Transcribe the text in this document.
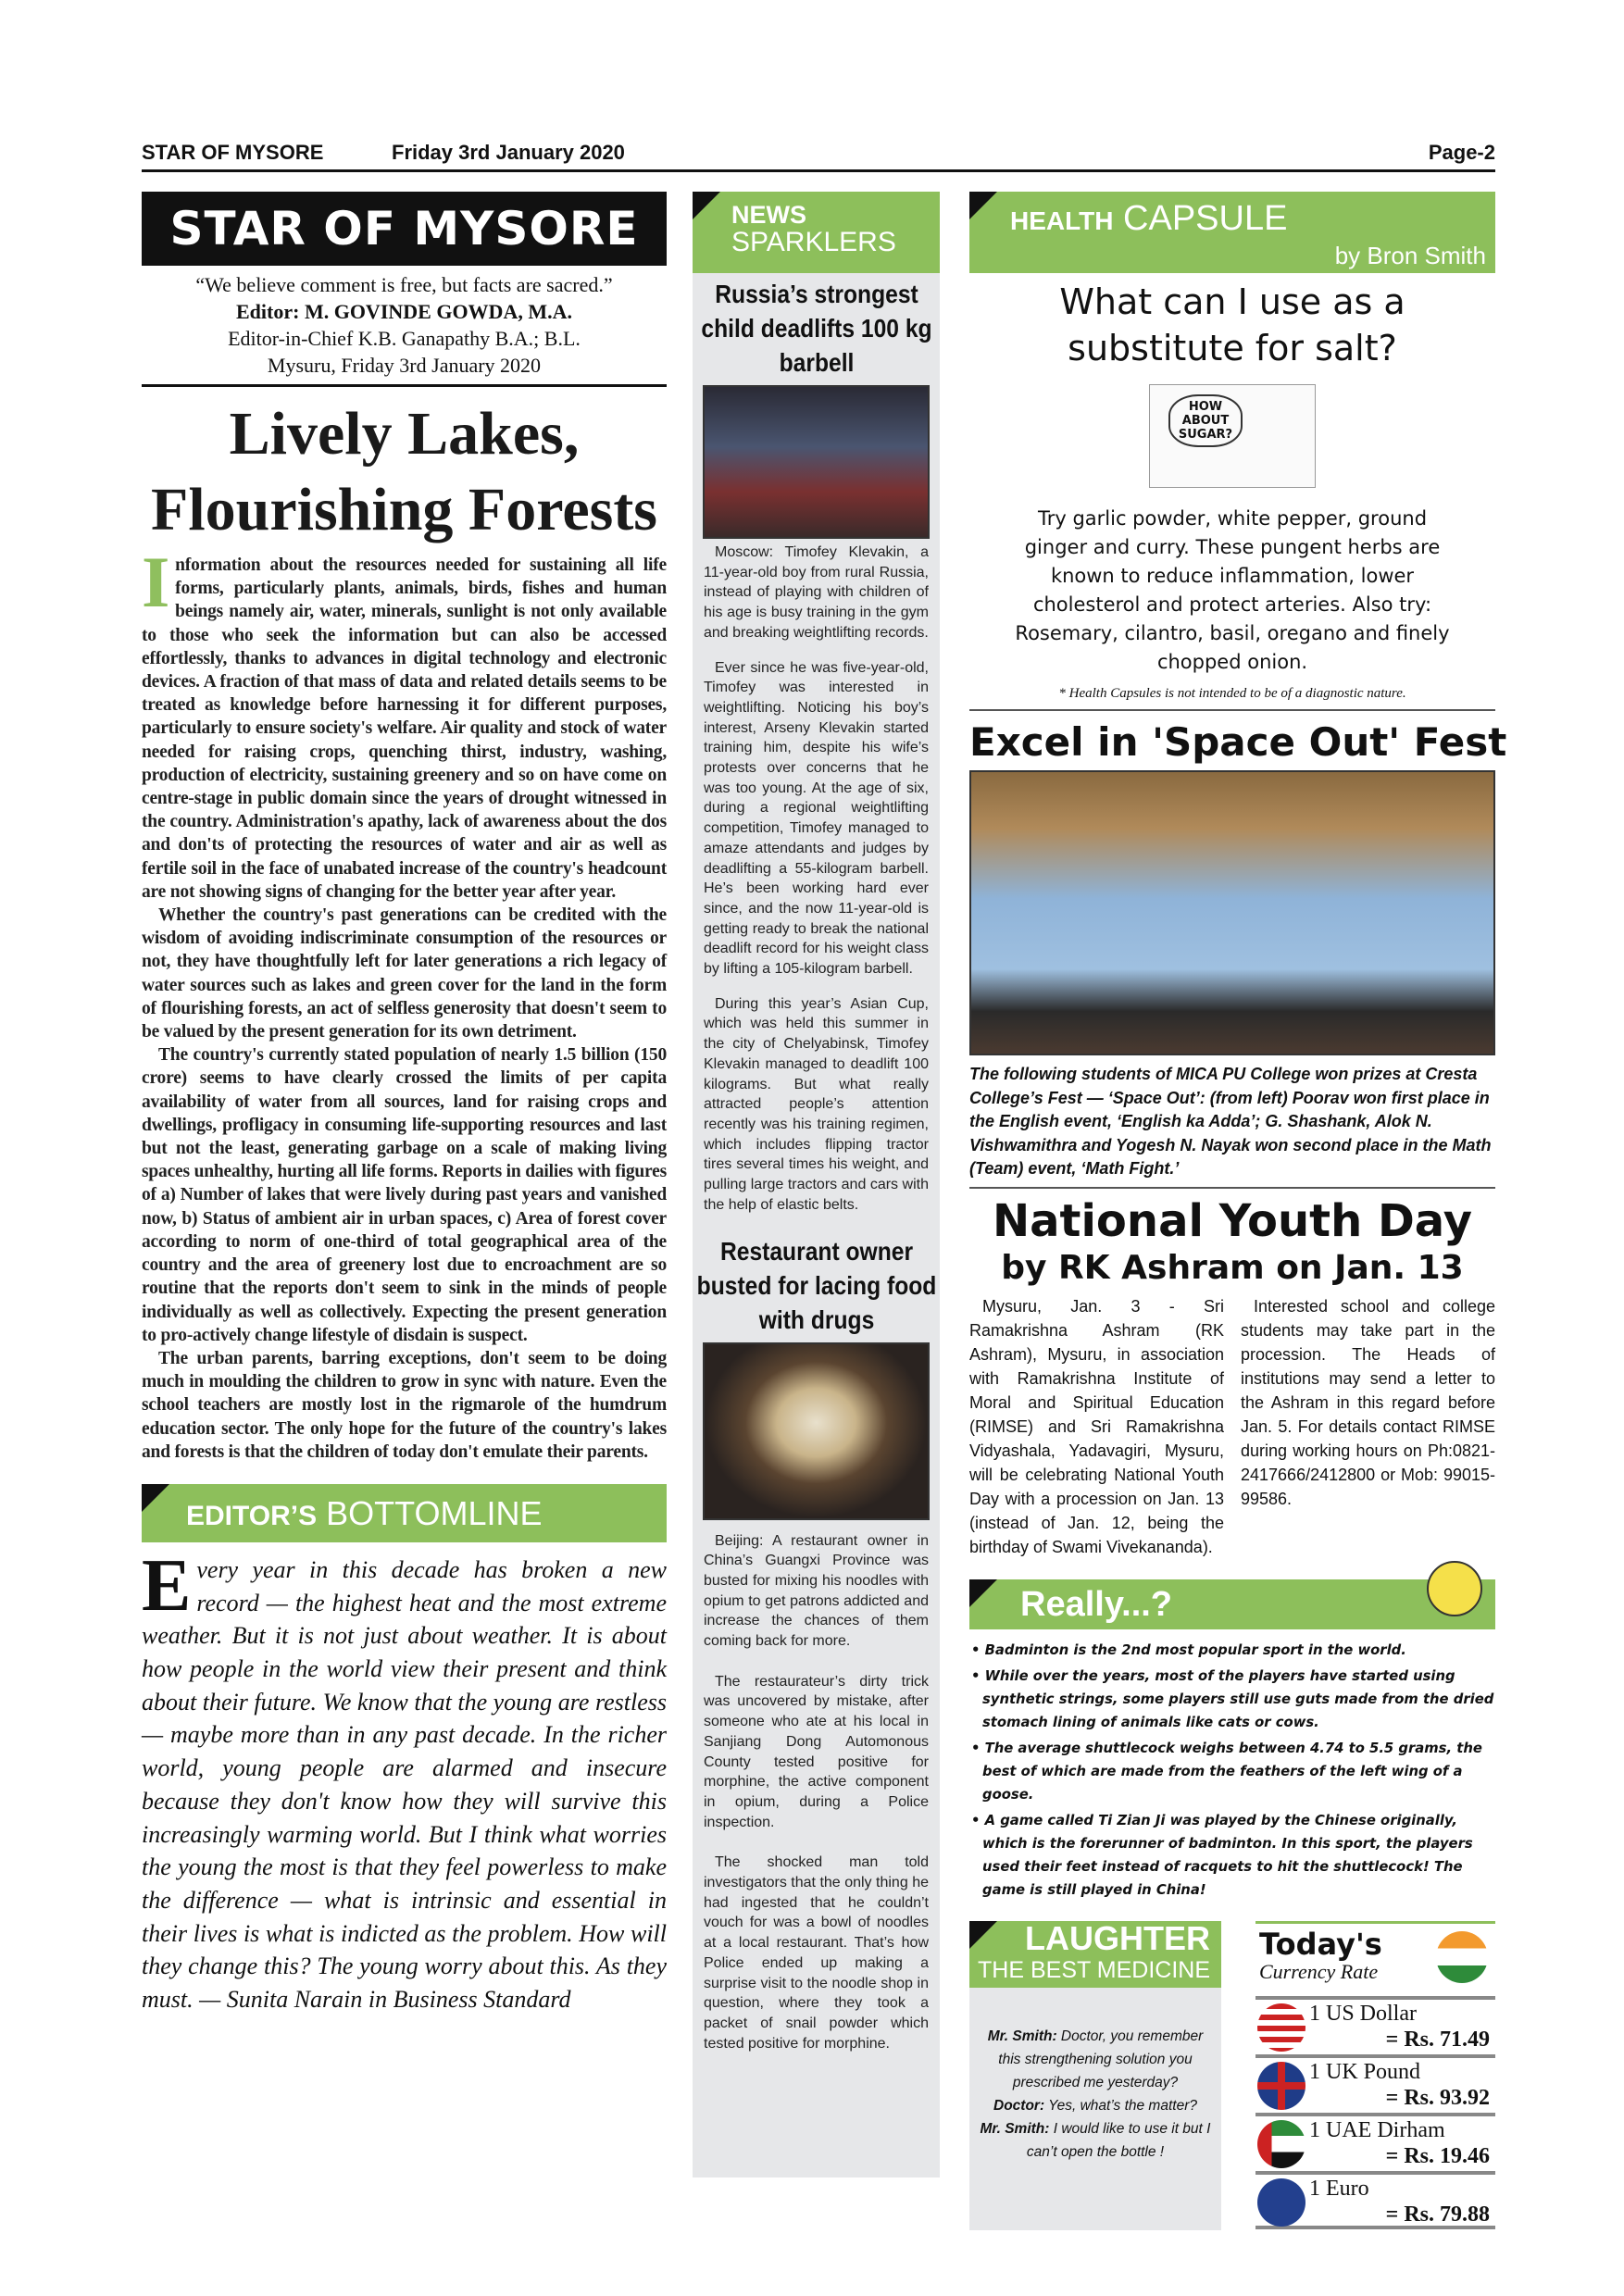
STAR OF MYSORE	Friday 3rd January 2020	Page-2
STAR OF MYSORE
“We believe comment is free, but facts are sacred.”
Editor: M. GOVINDE GOWDA, M.A.
Editor-in-Chief K.B. Ganapathy B.A.; B.L.
Mysuru, Friday 3rd January 2020
Lively Lakes,
Flourishing Forests

Information about the resources needed for sustaining all life forms, particularly plants, animals, birds, fishes and human beings namely air, water, minerals, sunlight is not only available to those who seek the information but can also be accessed effortlessly, thanks to advances in digital technology and electronic devices. A fraction of that mass of data and related details seems to be treated as knowledge before harnessing it for different purposes, particularly to ensure society's welfare. Air quality and stock of water needed for raising crops, quenching thirst, industry, washing, production of electricity, sustaining greenery and so on have come on centre-stage in public domain since the years of drought witnessed in the country. Administration's apathy, lack of awareness about the dos and don'ts of protecting the resources of water and air as well as fertile soil in the face of unabated increase of the country's headcount are not showing signs of changing for the better year after year.

Whether the country's past generations can be credited with the wisdom of avoiding indiscriminate consumption of the resources or not, they have thoughtfully left for later generations a rich legacy of water sources such as lakes and green cover for the land in the form of flourishing forests, an act of selfless generosity that doesn't seem to be valued by the present generation for its own detriment.

The country's currently stated population of nearly 1.5 billion (150 crore) seems to have clearly crossed the limits of per capita availability of water from all sources, land for raising crops and dwellings, profligacy in consuming life-supporting resources and last but not the least, generating garbage on a scale of making living spaces unhealthy, hurting all life forms. Reports in dailies with figures of a) Number of lakes that were lively during past years and vanished now, b) Status of ambient air in urban spaces, c) Area of forest cover according to norm of one-third of total geographical area of the country and the area of greenery lost due to encroachment are so routine that the reports don't seem to sink in the minds of people individually as well as collectively. Expecting the present generation to pro-actively change lifestyle of disdain is suspect.

The urban parents, barring exceptions, don't seem to be doing much in moulding the children to grow in sync with nature. Even the school teachers are mostly lost in the rigmarole of the humdrum education sector. The only hope for the future of the country's lakes and forests is that the children of today don't emulate their parents.

EDITOR’S BOTTOMLINE
Every year in this decade has broken a new record — the highest heat and the most extreme weather. But it is not just about weather. It is about how people in the world view their present and think about their future. We know that the young are restless — maybe more than in any past decade. In the richer world, young people are alarmed and insecure because they don't know how they will survive this increasingly warming world. But I think what worries the young the most is that they feel powerless to make the difference — what is intrinsic and essential in their lives is what is indicted as the problem. How will they change this? The young worry about this. As they must. — Sunita Narain in Business Standard
NEWS
SPARKLERS
Russia’s strongest child deadlifts 100 kg barbell

Moscow: Timofey Klevakin, a 11-year-old boy from rural Russia, instead of playing with children of his age is busy training in the gym and breaking weightlifting records.

Ever since he was five-year-old, Timofey was interested in weightlifting. Noticing his boy’s interest, Arseny Klevakin started training him, despite his wife’s protests over concerns that he was too young. At the age of six, during a regional weightlifting competition, Timofey managed to amaze attendants and judges by deadlifting a 55-kilogram barbell. He’s been working hard ever since, and the now 11-year-old is getting ready to break the national deadlift record for his weight class by lifting a 105-kilogram barbell.

During this year’s Asian Cup, which was held this summer in the city of Chelyabinsk, Timofey Klevakin managed to deadlift 100 kilograms. But what really attracted people’s attention recently was his training regimen, which includes flipping tractor tires several times his weight, and pulling large tractors and cars with the help of elastic belts.

Restaurant owner busted for lacing food with drugs

Beijing: A restaurant owner in China’s Guangxi Province was busted for mixing his noodles with opium to get patrons addicted and increase the chances of them coming back for more.

The restaurateur’s dirty trick was uncovered by mistake, after someone who ate at his local in Sanjiang Dong Automonous County tested positive for morphine, the active component in opium, during a Police inspection.

The shocked man told investigators that the only thing he had ingested that he couldn’t vouch for was a bowl of noodles at a local restaurant. That’s how Police ended up making a surprise visit to the noodle shop in question, where they took a packet of snail powder which tested positive for morphine.

HEALTH CAPSULE
by Bron Smith
What can I use as a substitute for salt?
HOW ABOUT SUGAR?
Try garlic powder, white pepper, ground ginger and curry. These pungent herbs are known to reduce inflammation, lower cholesterol and protect arteries. Also try: Rosemary, cilantro, basil, oregano and finely chopped onion.
* Health Capsules is not intended to be of a diagnostic nature.
Excel in 'Space Out' Fest
The following students of MICA PU College won prizes at Cresta College’s Fest — ‘Space Out’: (from left) Poorav won first place in the English event, ‘English ka Adda’; G. Shashank, Alok N. Vishwamithra and Yogesh N. Nayak won second place in the Math (Team) event, ‘Math Fight.’
National Youth Day
by RK Ashram on Jan. 13

Mysuru, Jan. 3 - Sri Ramakrishna Ashram (RK Ashram), Mysuru, in association with Ramakrishna Institute of Moral and Spiritual Education (RIMSE) and Sri Ramakrishna Vidyashala, Yadavagiri, Mysuru, will be celebrating National Youth Day with a procession on Jan. 13 (instead of Jan. 12, being the birthday of Swami Vivekananda).

Interested school and college students may take part in the procession. The Heads of institutions may send a letter to the Ashram in this regard before Jan. 5. For details contact RIMSE during working hours on Ph:0821-2417666/2412800 or Mob: 99015-99586.

Really...?
• Badminton is the 2nd most popular sport in the world.
• While over the years, most of the players have started using synthetic strings, some players still use guts made from the dried stomach lining of animals like cats or cows.
• The average shuttlecock weighs between 4.74 to 5.5 grams, the best of which are made from the feathers of the left wing of a goose.
• A game called Ti Zian Ji was played by the Chinese originally, which is the forerunner of badminton. In this sport, the players used their feet instead of racquets to hit the shuttlecock! The game is still played in China!
LAUGHTER
THE BEST MEDICINE
Mr. Smith: Doctor, you remember this strengthening solution you prescribed me yesterday?
Doctor: Yes, what’s the matter?
Mr. Smith: I would like to use it but I can’t open the bottle !
Today's
Currency Rate
1 US Dollar
= Rs. 71.49
1 UK Pound
= Rs. 93.92
1 UAE Dirham
= Rs. 19.46
1 Euro
= Rs. 79.88
